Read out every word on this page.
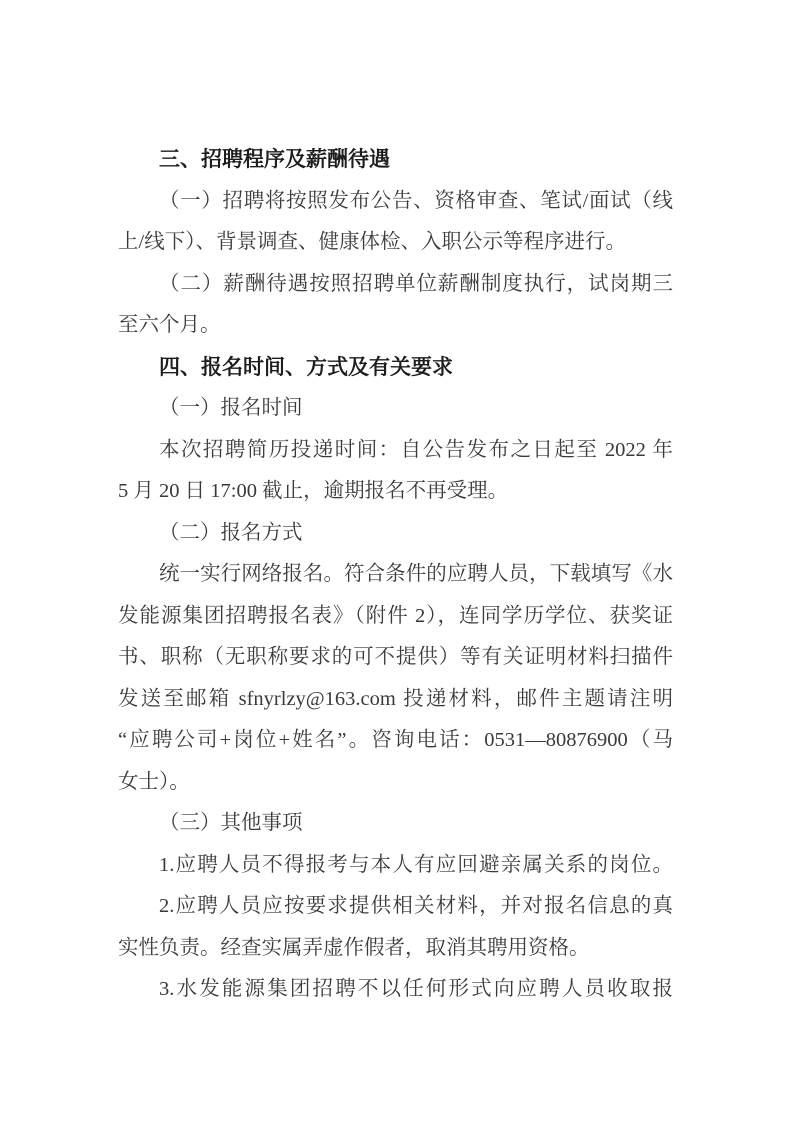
三、招聘程序及薪酬待遇
（一）招聘将按照发布公告、资格审查、笔试/面试（线
上/线下）、背景调查、健康体检、入职公示等程序进行。
（二）薪酬待遇按照招聘单位薪酬制度执行，试岗期三
至六个月。
四、报名时间、方式及有关要求
（一）报名时间
本次招聘简历投递时间：自公告发布之日起至 2022 年
5 月 20 日 17:00 截止，逾期报名不再受理。
（二）报名方式
统一实行网络报名。符合条件的应聘人员，下载填写《水
发能源集团招聘报名表》（附件 2），连同学历学位、获奖证
书、职称（无职称要求的可不提供）等有关证明材料扫描件
发送至邮箱 sfnyrlzy@163.com 投递材料，邮件主题请注明
“应聘公司+岗位+姓名”。咨询电话：0531—80876900（马
女士）。
（三）其他事项
1.应聘人员不得报考与本人有应回避亲属关系的岗位。
2.应聘人员应按要求提供相关材料，并对报名信息的真
实性负责。经查实属弄虚作假者，取消其聘用资格。
3.水发能源集团招聘不以任何形式向应聘人员收取报
